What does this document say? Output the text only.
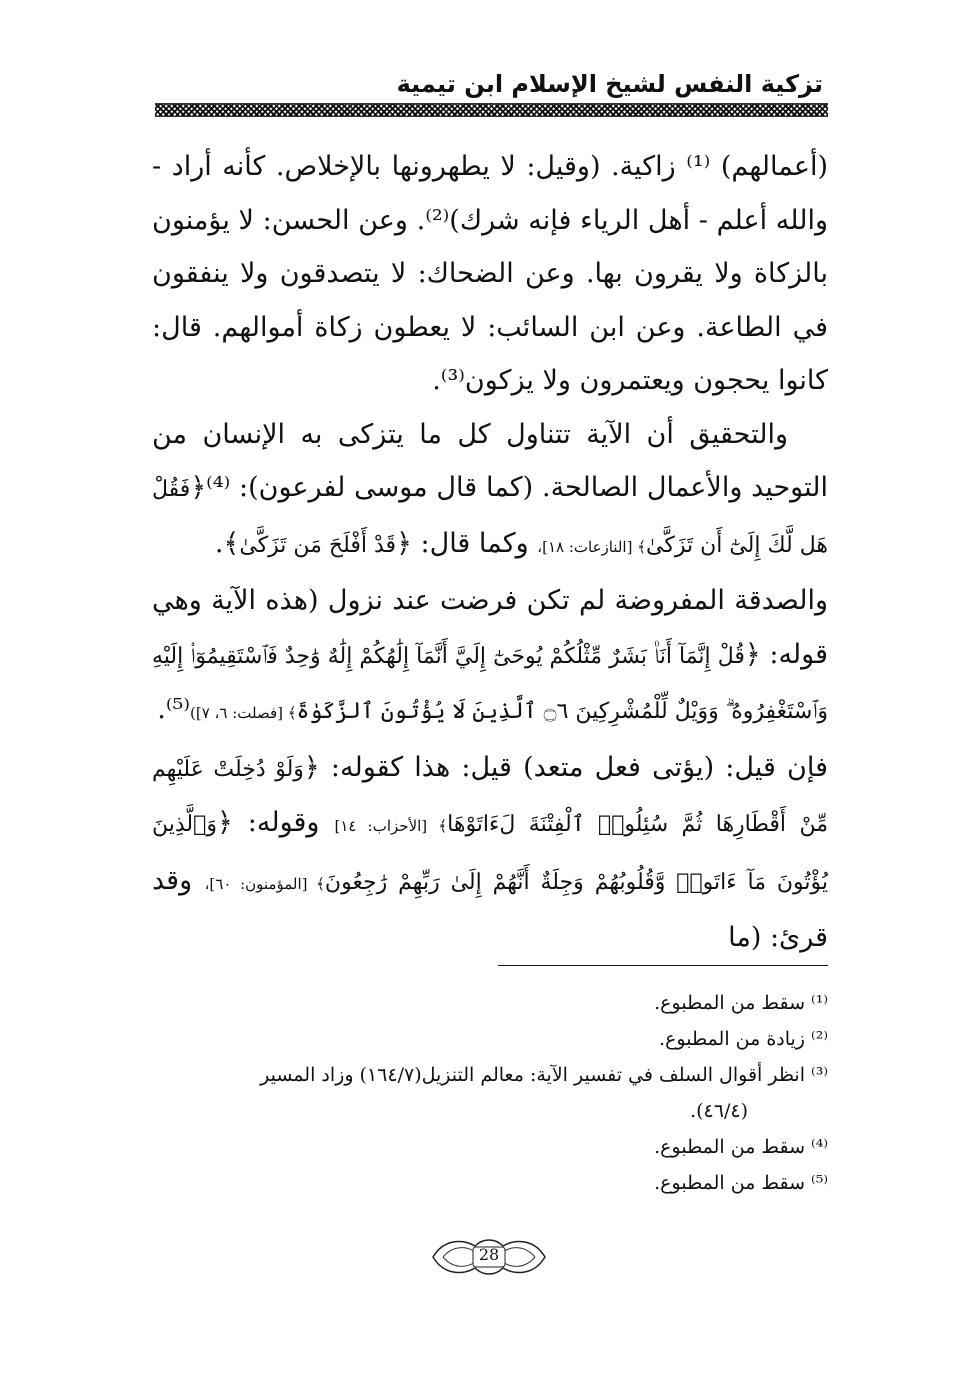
تزكية النفس لشيخ الإسلام ابن تيمية

(أعمالهم) ⁽¹⁾ زاكية. (وقيل: لا يطهرونها بالإخلاص. كأنه أراد - والله أعلم - أهل الرياء فإنه شرك)⁽²⁾. وعن الحسن: لا يؤمنون بالزكاة ولا يقرون بها. وعن الضحاك: لا يتصدقون ولا ينفقون في الطاعة. وعن ابن السائب: لا يعطون زكاة أموالهم. قال: كانوا يحجون ويعتمرون ولا يزكون⁽³⁾.

والتحقيق أن الآية تتناول كل ما يتزكى به الإنسان من التوحيد والأعمال الصالحة. (كما قال موسى لفرعون): ⁽⁴⁾﴿فَقُلْ هَل لَّكَ إِلَىٰٓ أَن تَزَكَّىٰ﴾ [النازعات: ١٨]، وكما قال: ﴿قَدْ أَفْلَحَ مَن تَزَكَّىٰ﴾.

والصدقة المفروضة لم تكن فرضت عند نزول (هذه الآية وهي قوله: ﴿قُلْ إِنَّمَآ أَنَا۠ بَشَرٌ مِّثْلُكُمْ يُوحَىٰٓ إِلَيَّ أَنَّمَآ إِلَٰهُكُمْ إِلَٰهٌ وَٰحِدٌ فَٱسْتَقِيمُوٓا۟ إِلَيْهِ وَٱسْتَغْفِرُوهُ ۗ وَوَيْلٌ لِّلْمُشْرِكِينَ ۝٦ ٱلَّذِينَ لَا يُؤْتُونَ ٱلزَّكَوٰةَ﴾ [فصلت: ٦، ٧])⁽⁵⁾.

فإن قيل: (يؤتى فعل متعد) قيل: هذا كقوله: ﴿وَلَوْ دُخِلَتْ عَلَيْهِم مِّنْ أَقْطَارِهَا ثُمَّ سُئِلُوا۟ ٱلْفِتْنَةَ لَءَاتَوْهَا﴾ [الأحزاب: ١٤] وقوله: ﴿وَٱلَّذِينَ يُؤْتُونَ مَآ ءَاتَوا۟ وَّقُلُوبُهُمْ وَجِلَةٌ أَنَّهُمْ إِلَىٰ رَبِّهِمْ رَٰجِعُونَ﴾ [المؤمنون: ٦٠]، وقد قرئ: (ما

⁽¹⁾ سقط من المطبوع.

⁽²⁾ زيادة من المطبوع.

⁽³⁾ انظر أقوال السلف في تفسير الآية: معالم التنزيل(١٦٤/٧) وزاد المسير

(٤٦/٤).

⁽⁴⁾ سقط من المطبوع.

⁽⁵⁾ سقط من المطبوع.

28
